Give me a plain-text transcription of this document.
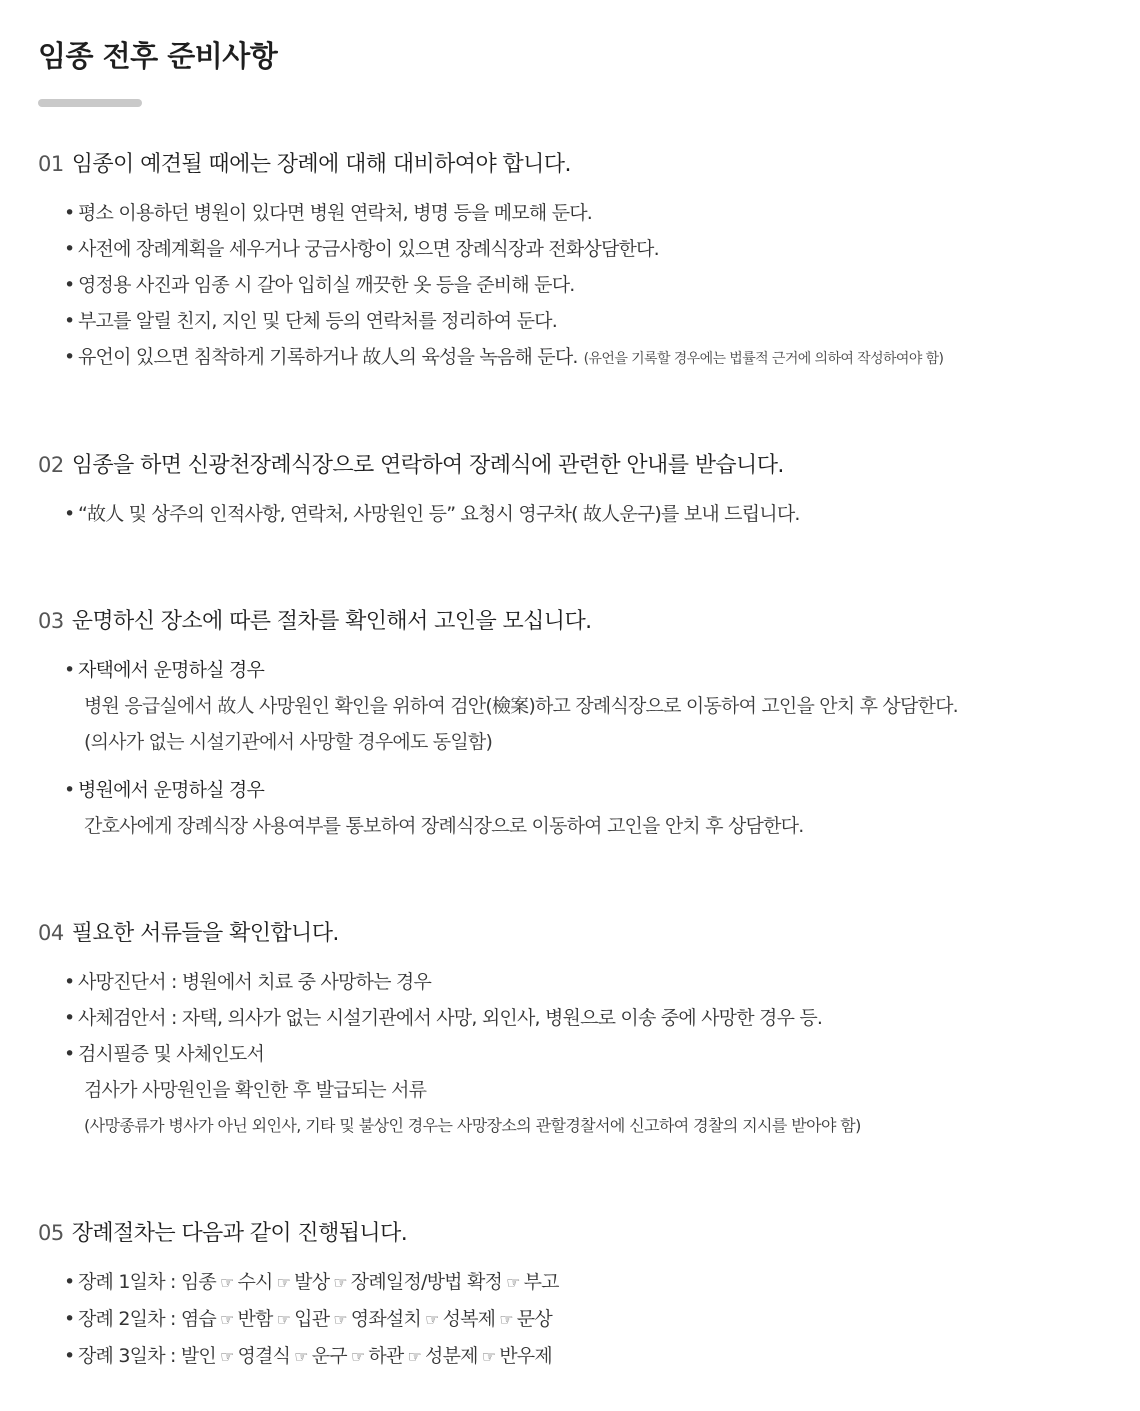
임종 전후 준비사항
01 임종이 예견될 때에는 장례에 대해 대비하여야 합니다.
• 평소 이용하던 병원이 있다면 병원 연락처, 병명 등을 메모해 둔다.
• 사전에 장례계획을 세우거나 궁금사항이 있으면 장례식장과 전화상담한다.
• 영정용 사진과 임종 시 갈아 입히실 깨끗한 옷 등을 준비해 둔다.
• 부고를 알릴 친지, 지인 및 단체 등의 연락처를 정리하여 둔다.
• 유언이 있으면 침착하게 기록하거나 故人의 육성을 녹음해 둔다. (유언을 기록할 경우에는 법률적 근거에 의하여 작성하여야 함)
02 임종을 하면 신광천장례식장으로 연락하여 장례식에 관련한 안내를 받습니다.
• “故人 및 상주의 인적사항, 연락처, 사망원인 등” 요청시 영구차( 故人운구)를 보내 드립니다.
03 운명하신 장소에 따른 절차를 확인해서 고인을 모십니다.
• 자택에서 운명하실 경우
병원 응급실에서 故人 사망원인 확인을 위하여 검안(檢案)하고 장례식장으로 이동하여 고인을 안치 후 상담한다.
(의사가 없는 시설기관에서 사망할 경우에도 동일함)
• 병원에서 운명하실 경우
간호사에게 장례식장 사용여부를 통보하여 장례식장으로 이동하여 고인을 안치 후 상담한다.
04 필요한 서류들을 확인합니다.
• 사망진단서 : 병원에서 치료 중 사망하는 경우
• 사체검안서 : 자택, 의사가 없는 시설기관에서 사망, 외인사, 병원으로 이송 중에 사망한 경우 등.
• 검시필증 및 사체인도서
검사가 사망원인을 확인한 후 발급되는 서류
(사망종류가 병사가 아닌 외인사, 기타 및 불상인 경우는 사망장소의 관할경찰서에 신고하여 경찰의 지시를 받아야 함)
05 장례절차는 다음과 같이 진행됩니다.
• 장례 1일차 : 임종 ☞ 수시 ☞ 발상 ☞ 장례일정/방법 확정 ☞ 부고
• 장례 2일차 : 염습 ☞ 반함 ☞ 입관 ☞ 영좌설치 ☞ 성복제 ☞ 문상
• 장례 3일차 : 발인 ☞ 영결식 ☞ 운구 ☞ 하관 ☞ 성분제 ☞ 반우제
